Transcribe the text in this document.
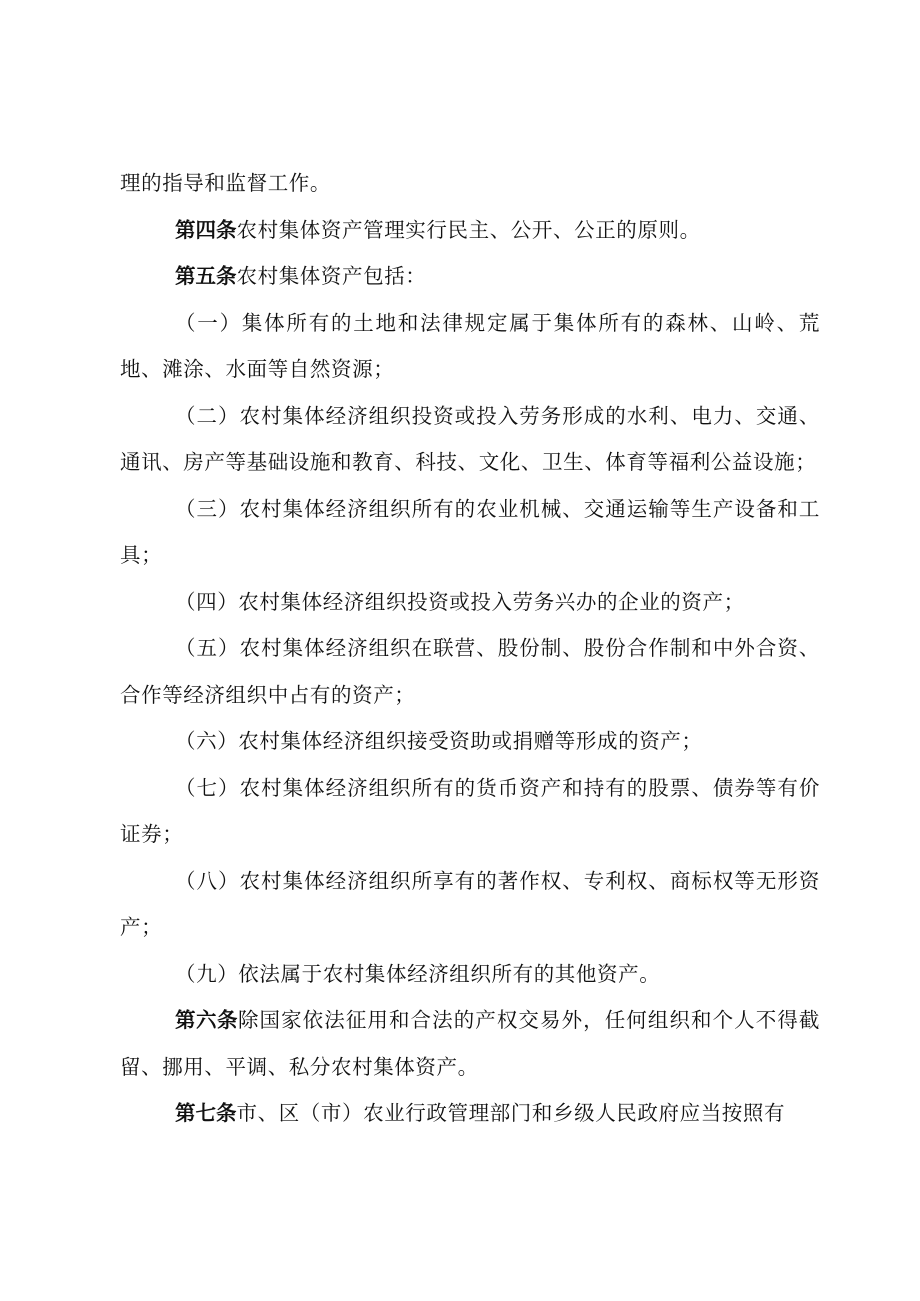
理的指导和监督工作。

第四条农村集体资产管理实行民主、公开、公正的原则。

第五条农村集体资产包括：

（一）集体所有的土地和法律规定属于集体所有的森林、山岭、荒地、滩涂、水面等自然资源；

（二）农村集体经济组织投资或投入劳务形成的水利、电力、交通、通讯、房产等基础设施和教育、科技、文化、卫生、体育等福利公益设施；

（三）农村集体经济组织所有的农业机械、交通运输等生产设备和工具；

（四）农村集体经济组织投资或投入劳务兴办的企业的资产；

（五）农村集体经济组织在联营、股份制、股份合作制和中外合资、合作等经济组织中占有的资产；

（六）农村集体经济组织接受资助或捐赠等形成的资产；

（七）农村集体经济组织所有的货币资产和持有的股票、债券等有价证券；

（八）农村集体经济组织所享有的著作权、专利权、商标权等无形资产；

（九）依法属于农村集体经济组织所有的其他资产。

第六条除国家依法征用和合法的产权交易外，任何组织和个人不得截留、挪用、平调、私分农村集体资产。

第七条市、区（市）农业行政管理部门和乡级人民政府应当按照有
